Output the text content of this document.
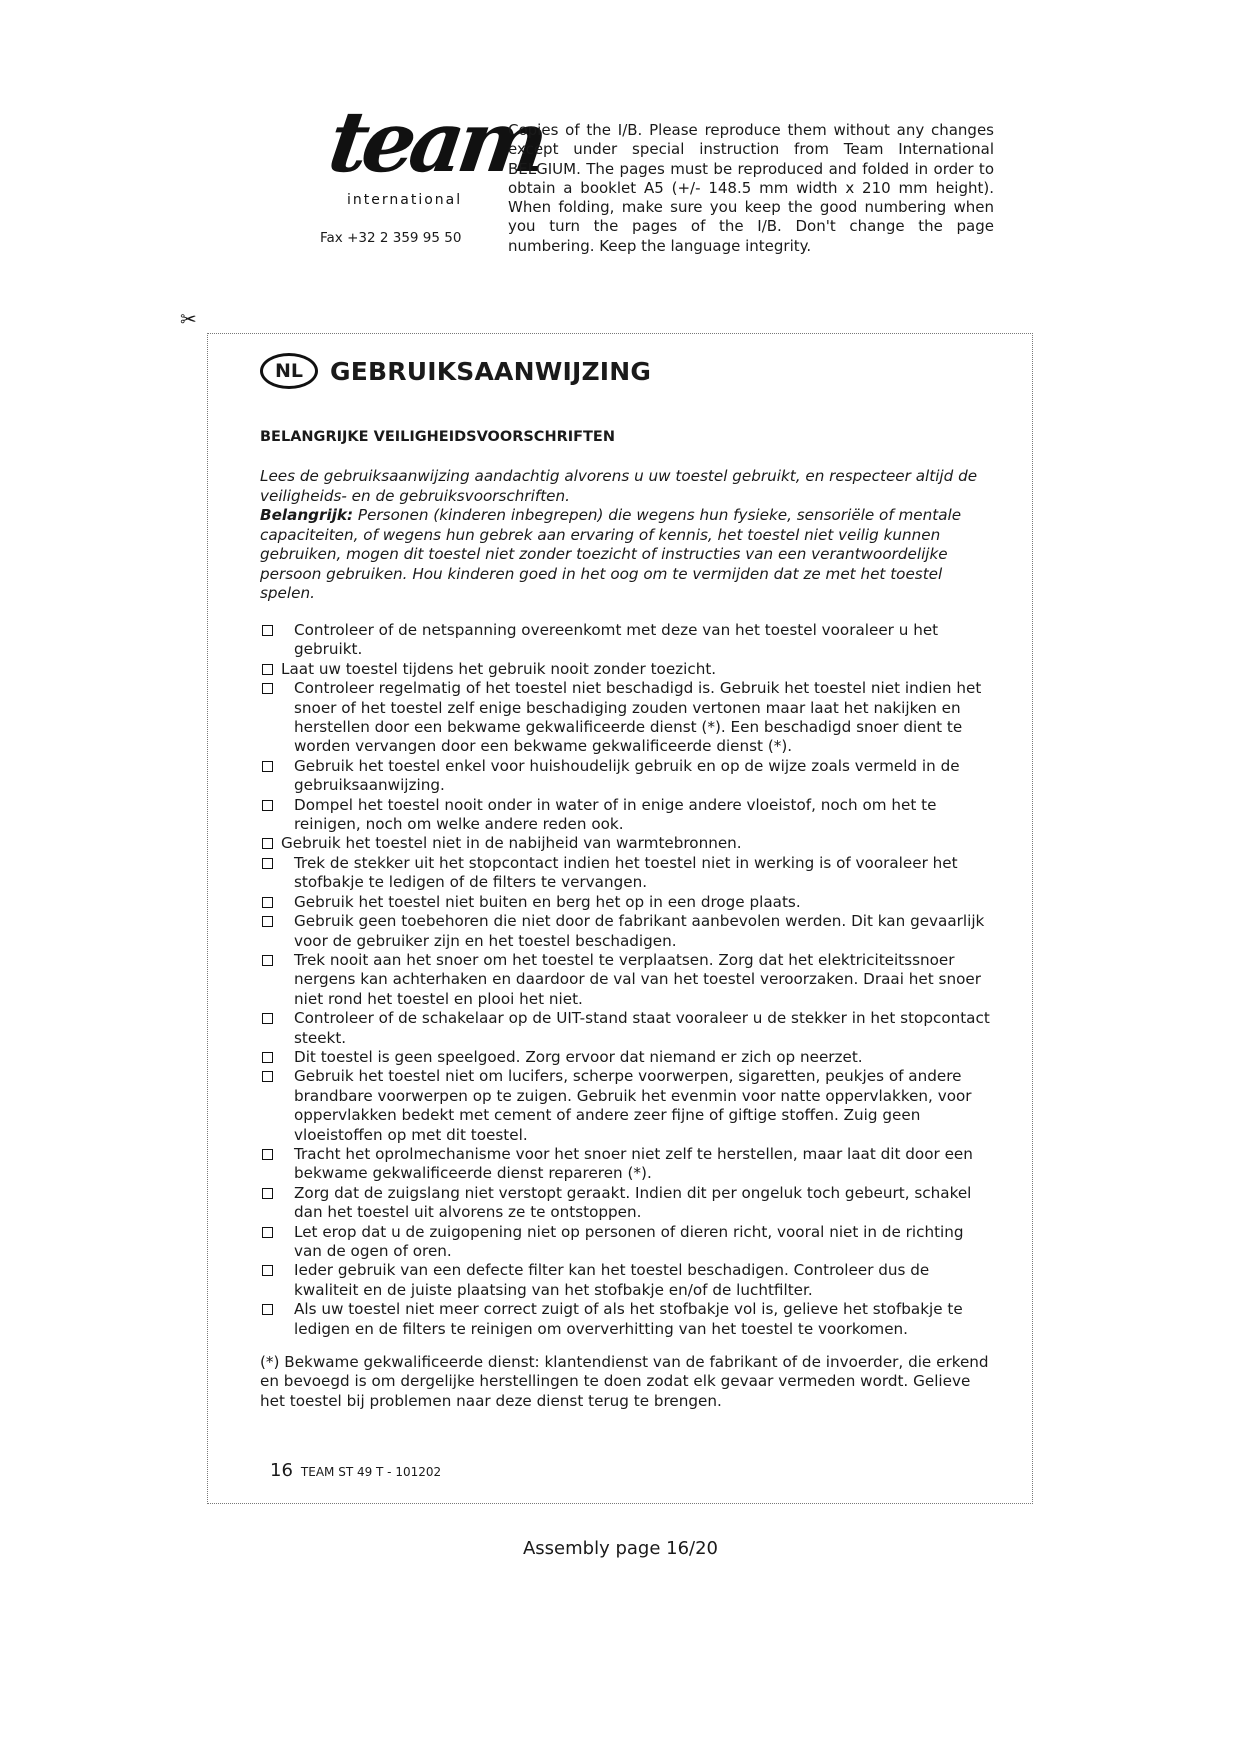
team
international
Fax +32 2 359 95 50

Copies of the I/B. Please reproduce them without any changes except under special instruction from Team International BELGIUM. The pages must be reproduced and folded in order to obtain a booklet A5 (+/- 148.5 mm width x 210 mm height). When folding, make sure you keep the good numbering when you turn the pages of the I/B. Don't change the page numbering. Keep the language integrity.

✂
NL	GEBRUIKSAANWIJZING
BELANGRIJKE VEILIGHEIDSVOORSCHRIFTEN

Lees de gebruiksaanwijzing aandachtig alvorens u uw toestel gebruikt, en respecteer altijd de veiligheids- en de gebruiksvoorschriften.
Belangrijk: Personen (kinderen inbegrepen) die wegens hun fysieke, sensoriële of mentale capaciteiten, of wegens hun gebrek aan ervaring of kennis, het toestel niet veilig kunnen gebruiken, mogen dit toestel niet zonder toezicht of instructies van een verantwoordelijke persoon gebruiken. Hou kinderen goed in het oog om te vermijden dat ze met het toestel spelen.

Controleer of de netspanning overeenkomt met deze van het toestel vooraleer u het gebruikt.
Laat uw toestel tijdens het gebruik nooit zonder toezicht.
Controleer regelmatig of het toestel niet beschadigd is. Gebruik het toestel niet indien het snoer of het toestel zelf enige beschadiging zouden vertonen maar laat het nakijken en herstellen door een bekwame gekwalificeerde dienst (*). Een beschadigd snoer dient te worden vervangen door een bekwame gekwalificeerde dienst (*).
Gebruik het toestel enkel voor huishoudelijk gebruik en op de wijze zoals vermeld in de gebruiksaanwijzing.
Dompel het toestel nooit onder in water of in enige andere vloeistof, noch om het te reinigen, noch om welke andere reden ook.
Gebruik het toestel niet in de nabijheid van warmtebronnen.
Trek de stekker uit het stopcontact indien het toestel niet in werking is of vooraleer het stofbakje te ledigen of de filters te vervangen.
Gebruik het toestel niet buiten en berg het op in een droge plaats.
Gebruik geen toebehoren die niet door de fabrikant aanbevolen werden. Dit kan gevaarlijk voor de gebruiker zijn en het toestel beschadigen.
Trek nooit aan het snoer om het toestel te verplaatsen. Zorg dat het elektriciteitssnoer nergens kan achterhaken en daardoor de val van het toestel veroorzaken. Draai het snoer niet rond het toestel en plooi het niet.
Controleer of de schakelaar op de UIT-stand staat vooraleer u de stekker in het stopcontact steekt.
Dit toestel is geen speelgoed. Zorg ervoor dat niemand er zich op neerzet.
Gebruik het toestel niet om lucifers, scherpe voorwerpen, sigaretten, peukjes of andere brandbare voorwerpen op te zuigen. Gebruik het evenmin voor natte oppervlakken, voor oppervlakken bedekt met cement of andere zeer fijne of giftige stoffen. Zuig geen vloeistoffen op met dit toestel.
Tracht het oprolmechanisme voor het snoer niet zelf te herstellen, maar laat dit door een bekwame gekwalificeerde dienst repareren (*).
Zorg dat de zuigslang niet verstopt geraakt. Indien dit per ongeluk toch gebeurt, schakel dan het toestel uit alvorens ze te ontstoppen.
Let erop dat u de zuigopening niet op personen of dieren richt, vooral niet in de richting van de ogen of oren.
Ieder gebruik van een defecte filter kan het toestel beschadigen. Controleer dus de kwaliteit en de juiste plaatsing van het stofbakje en/of de luchtfilter.
Als uw toestel niet meer correct zuigt of als het stofbakje vol is, gelieve het stofbakje te ledigen en de filters te reinigen om oververhitting van het toestel te voorkomen.

(*) Bekwame gekwalificeerde dienst: klantendienst van de fabrikant of de invoerder, die erkend en bevoegd is om dergelijke herstellingen te doen zodat elk gevaar vermeden wordt. Gelieve het toestel bij problemen naar deze dienst terug te brengen.

16 TEAM ST 49 T - 101202
Assembly page 16/20
